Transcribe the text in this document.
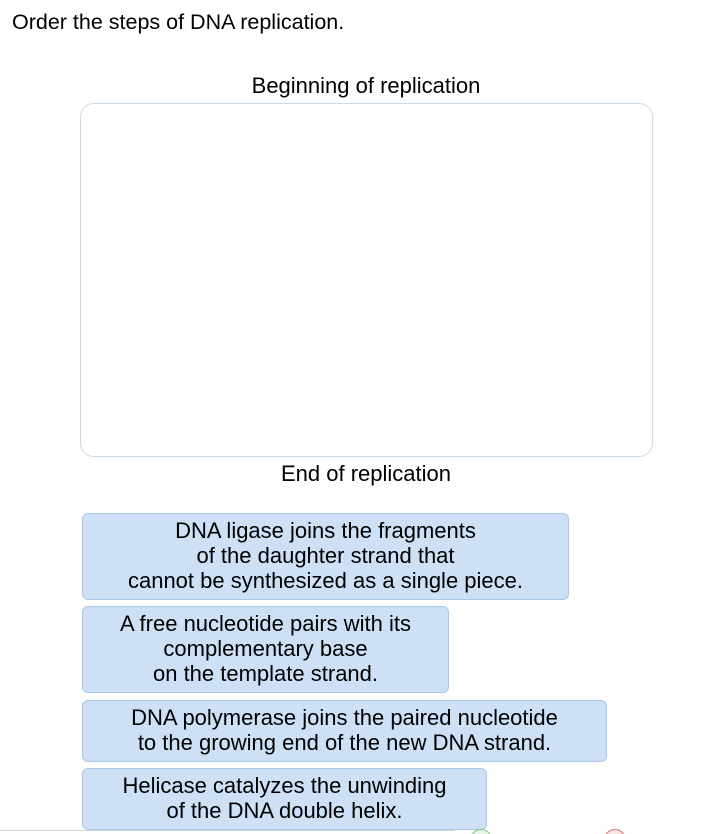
Order the steps of DNA replication.
Beginning of replication
End of replication
DNA ligase joins the fragments
of the daughter strand that
cannot be synthesized as a single piece.
A free nucleotide pairs with its
complementary base
on the template strand.
DNA polymerase joins the paired nucleotide
to the growing end of the new DNA strand.
Helicase catalyzes the unwinding
of the DNA double helix.
